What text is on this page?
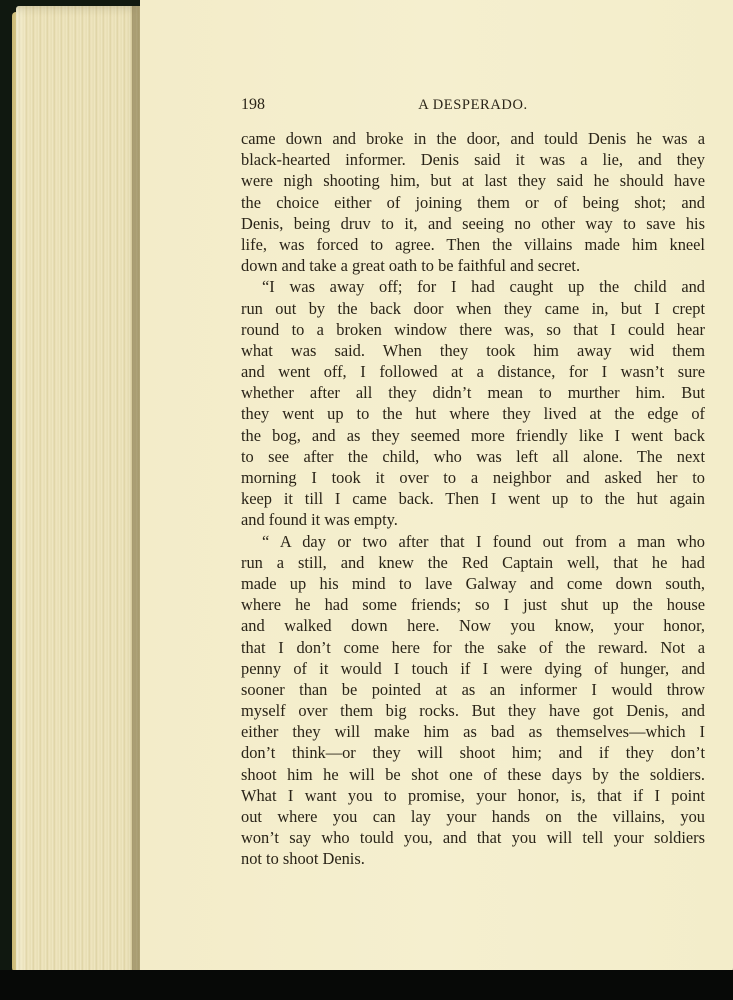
198	A DESPERADO.
came down and broke in the door, and tould Denis he was a
black-hearted informer. Denis said it was a lie, and they
were nigh shooting him, but at last they said he should have
the choice either of joining them or of being shot; and
Denis, being druv to it, and seeing no other way to save his
life, was forced to agree. Then the villains made him kneel
down and take a great oath to be faithful and secret.
“I was away off; for I had caught up the child and
run out by the back door when they came in, but I crept
round to a broken window there was, so that I could hear
what was said. When they took him away wid them
and went off, I followed at a distance, for I wasn’t sure
whether after all they didn’t mean to murther him. But
they went up to the hut where they lived at the edge of
the bog, and as they seemed more friendly like I went back
to see after the child, who was left all alone. The next
morning I took it over to a neighbor and asked her to
keep it till I came back. Then I went up to the hut again
and found it was empty.
“ A day or two after that I found out from a man who
run a still, and knew the Red Captain well, that he had
made up his mind to lave Galway and come down south,
where he had some friends; so I just shut up the house
and walked down here. Now you know, your honor,
that I don’t come here for the sake of the reward. Not a
penny of it would I touch if I were dying of hunger, and
sooner than be pointed at as an informer I would throw
myself over them big rocks. But they have got Denis, and
either they will make him as bad as themselves—which I
don’t think—or they will shoot him; and if they don’t
shoot him he will be shot one of these days by the soldiers.
What I want you to promise, your honor, is, that if I point
out where you can lay your hands on the villains, you
won’t say who tould you, and that you will tell your soldiers
not to shoot Denis.
